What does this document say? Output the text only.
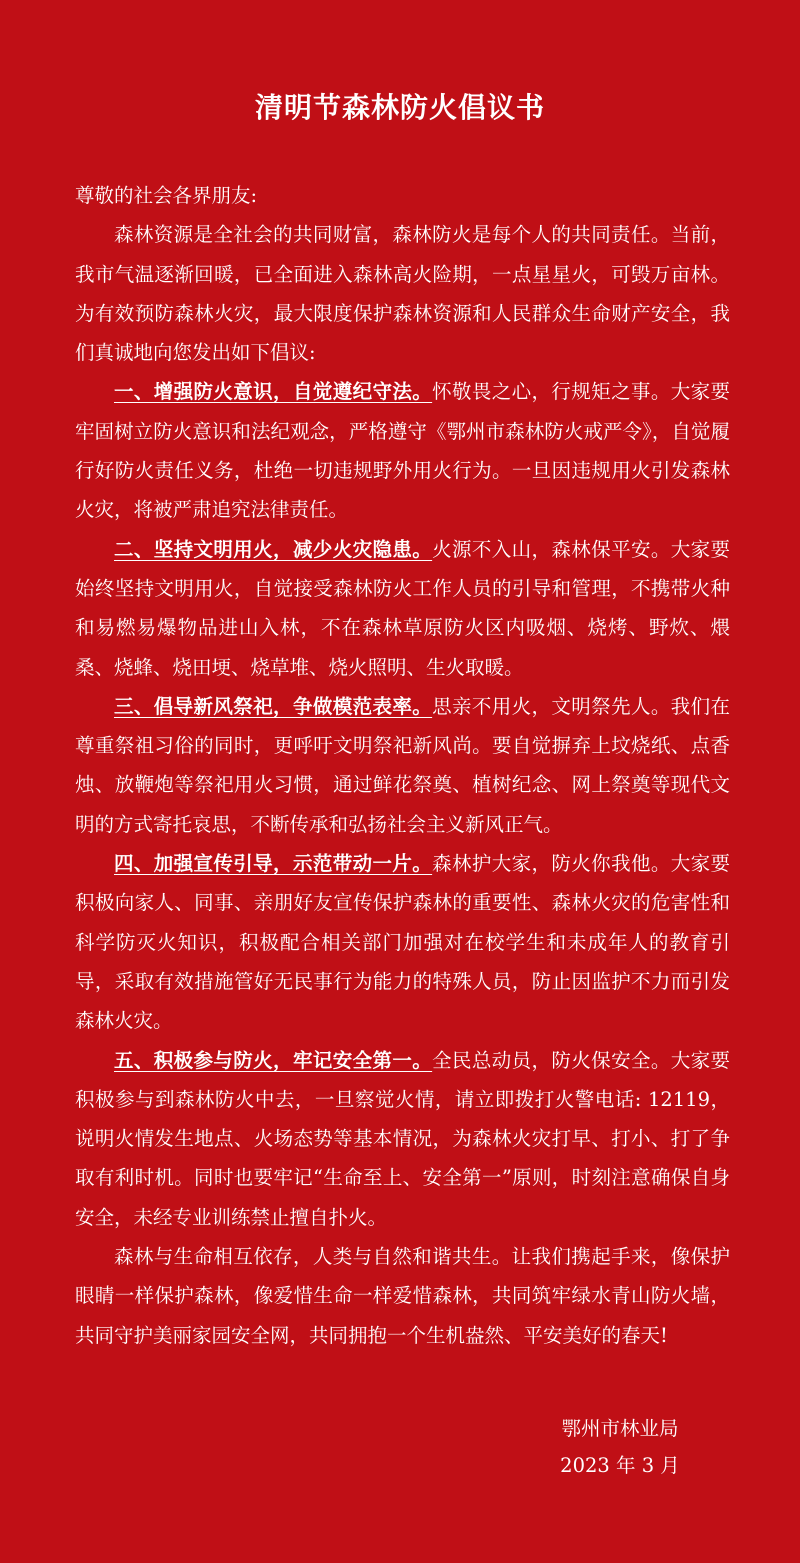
清明节森林防火倡议书

尊敬的社会各界朋友:

森林资源是全社会的共同财富，森林防火是每个人的共同责任。当前，我市气温逐渐回暖，已全面进入森林高火险期，一点星星火，可毁万亩林。为有效预防森林火灾，最大限度保护森林资源和人民群众生命财产安全，我们真诚地向您发出如下倡议:

一、增强防火意识，自觉遵纪守法。怀敬畏之心，行规矩之事。大家要牢固树立防火意识和法纪观念，严格遵守《鄂州市森林防火戒严令》，自觉履行好防火责任义务，杜绝一切违规野外用火行为。一旦因违规用火引发森林火灾，将被严肃追究法律责任。

二、坚持文明用火，减少火灾隐患。火源不入山，森林保平安。大家要始终坚持文明用火，自觉接受森林防火工作人员的引导和管理，不携带火种和易燃易爆物品进山入林，不在森林草原防火区内吸烟、烧烤、野炊、煨桑、烧蜂、烧田埂、烧草堆、烧火照明、生火取暖。

三、倡导新风祭祀，争做模范表率。思亲不用火，文明祭先人。我们在尊重祭祖习俗的同时，更呼吁文明祭祀新风尚。要自觉摒弃上坟烧纸、点香烛、放鞭炮等祭祀用火习惯，通过鲜花祭奠、植树纪念、网上祭奠等现代文明的方式寄托哀思，不断传承和弘扬社会主义新风正气。

四、加强宣传引导，示范带动一片。森林护大家，防火你我他。大家要积极向家人、同事、亲朋好友宣传保护森林的重要性、森林火灾的危害性和科学防灭火知识，积极配合相关部门加强对在校学生和未成年人的教育引导，采取有效措施管好无民事行为能力的特殊人员，防止因监护不力而引发森林火灾。

五、积极参与防火，牢记安全第一。全民总动员，防火保安全。大家要积极参与到森林防火中去，一旦察觉火情，请立即拨打火警电话: 12119，说明火情发生地点、火场态势等基本情况，为森林火灾打早、打小、打了争取有利时机。同时也要牢记“生命至上、安全第一”原则，时刻注意确保自身安全，未经专业训练禁止擅自扑火。

森林与生命相互依存，人类与自然和谐共生。让我们携起手来，像保护眼睛一样保护森林，像爱惜生命一样爱惜森林，共同筑牢绿水青山防火墙，共同守护美丽家园安全网，共同拥抱一个生机盎然、平安美好的春天!

鄂州市林业局
2023 年 3 月
